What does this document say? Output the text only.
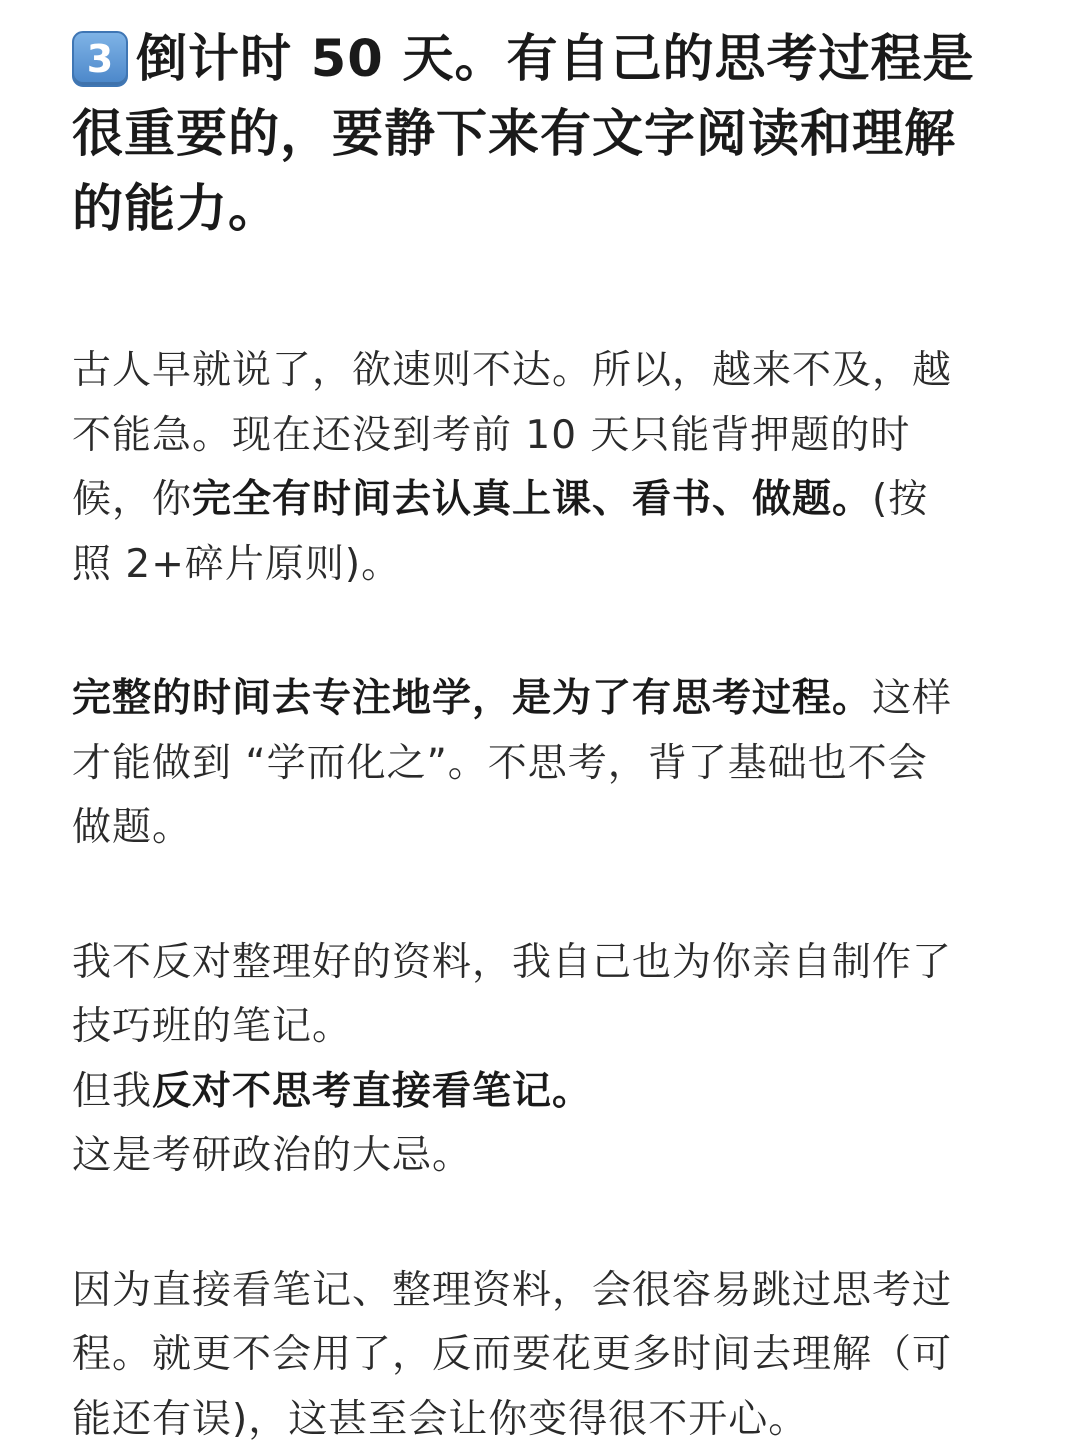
3 倒计时 50 天。有自己的思考过程是
很重要的，要静下来有文字阅读和理解
的能力。

古人早就说了，欲速则不达。所以，越来不及，越
不能急。现在还没到考前 10 天只能背押题的时
候，你完全有时间去认真上课、看书、做题。(按
照 2+碎片原则)。

完整的时间去专注地学，是为了有思考过程。这样
才能做到 “学而化之”。不思考，背了基础也不会
做题。

我不反对整理好的资料，我自己也为你亲自制作了
技巧班的笔记。
但我反对不思考直接看笔记。
这是考研政治的大忌。

因为直接看笔记、整理资料，会很容易跳过思考过
程。就更不会用了，反而要花更多时间去理解（可
能还有误)，这甚至会让你变得很不开心。
